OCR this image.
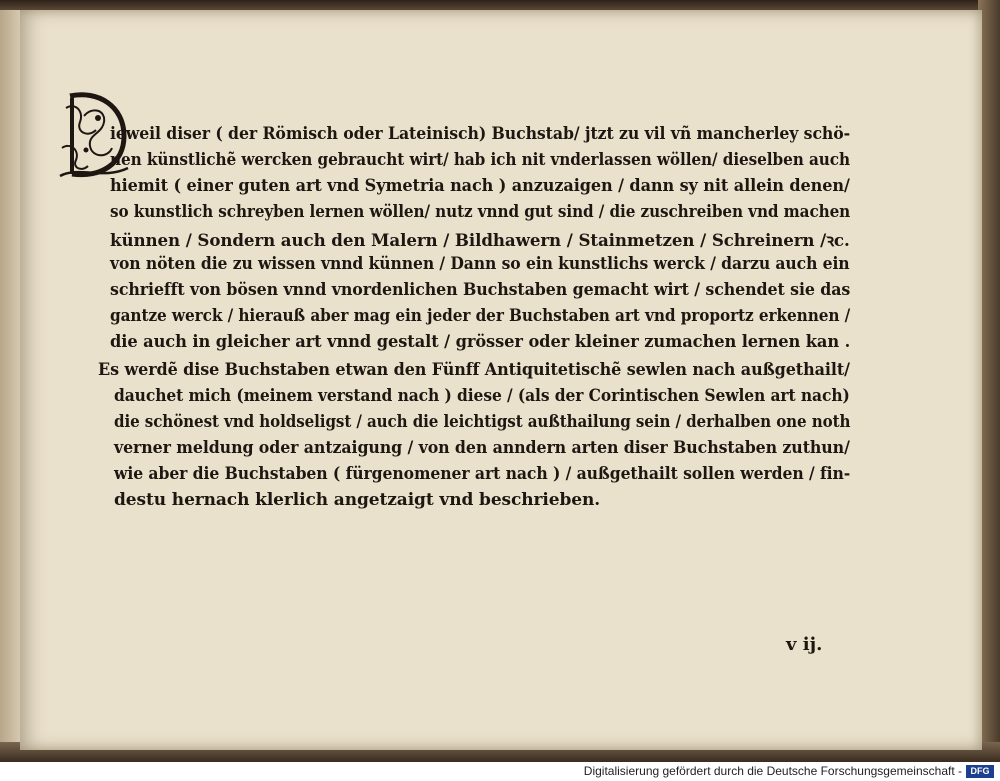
ieweil diser ( der Römisch oder Lateinisch) Buchstab/ jtzt zu vil vñ mancherley schö-
nen künstlichẽ wercken gebraucht wirt/ hab ich nit vnderlassen wöllen/ dieselben auch
hiemit ( einer guten art vnd Symetria nach ) anzuzaigen / dann sy nit allein denen/
so kunstlich schreyben lernen wöllen/ nutz vnnd gut sind / die zuschreiben vnd machen
künnen / Sondern auch den Malern / Bildhawern / Stainmetzen / Schreinern /ꝛc.
von nöten die zu wissen vnnd künnen / Dann so ein kunstlichs werck / darzu auch ein
schriefft von bösen vnnd vnordenlichen Buchstaben gemacht wirt / schendet sie das
gantze werck / hierauß aber mag ein jeder der Buchstaben art vnd proportz erkennen /
die auch in gleicher art vnnd gestalt / grösser oder kleiner zumachen lernen kan .
Es werdẽ dise Buchstaben etwan den Fünff Antiquitetischẽ sewlen nach außgethailt/
dauchet mich (meinem verstand nach ) diese / (als der Corintischen Sewlen art nach)
die schönest vnd holdseligst / auch die leichtigst außthailung sein / derhalben one noth
verner meldung oder antzaigung / von den anndern arten diser Buchstaben zuthun/
wie aber die Buchstaben ( fürgenomener art nach ) / außgethailt sollen werden / fin-
destu hernach klerlich angetzaigt vnd beschrieben.
v ij.
Digitalisierung gefördert durch die Deutsche Forschungsgemeinschaft - DFG
